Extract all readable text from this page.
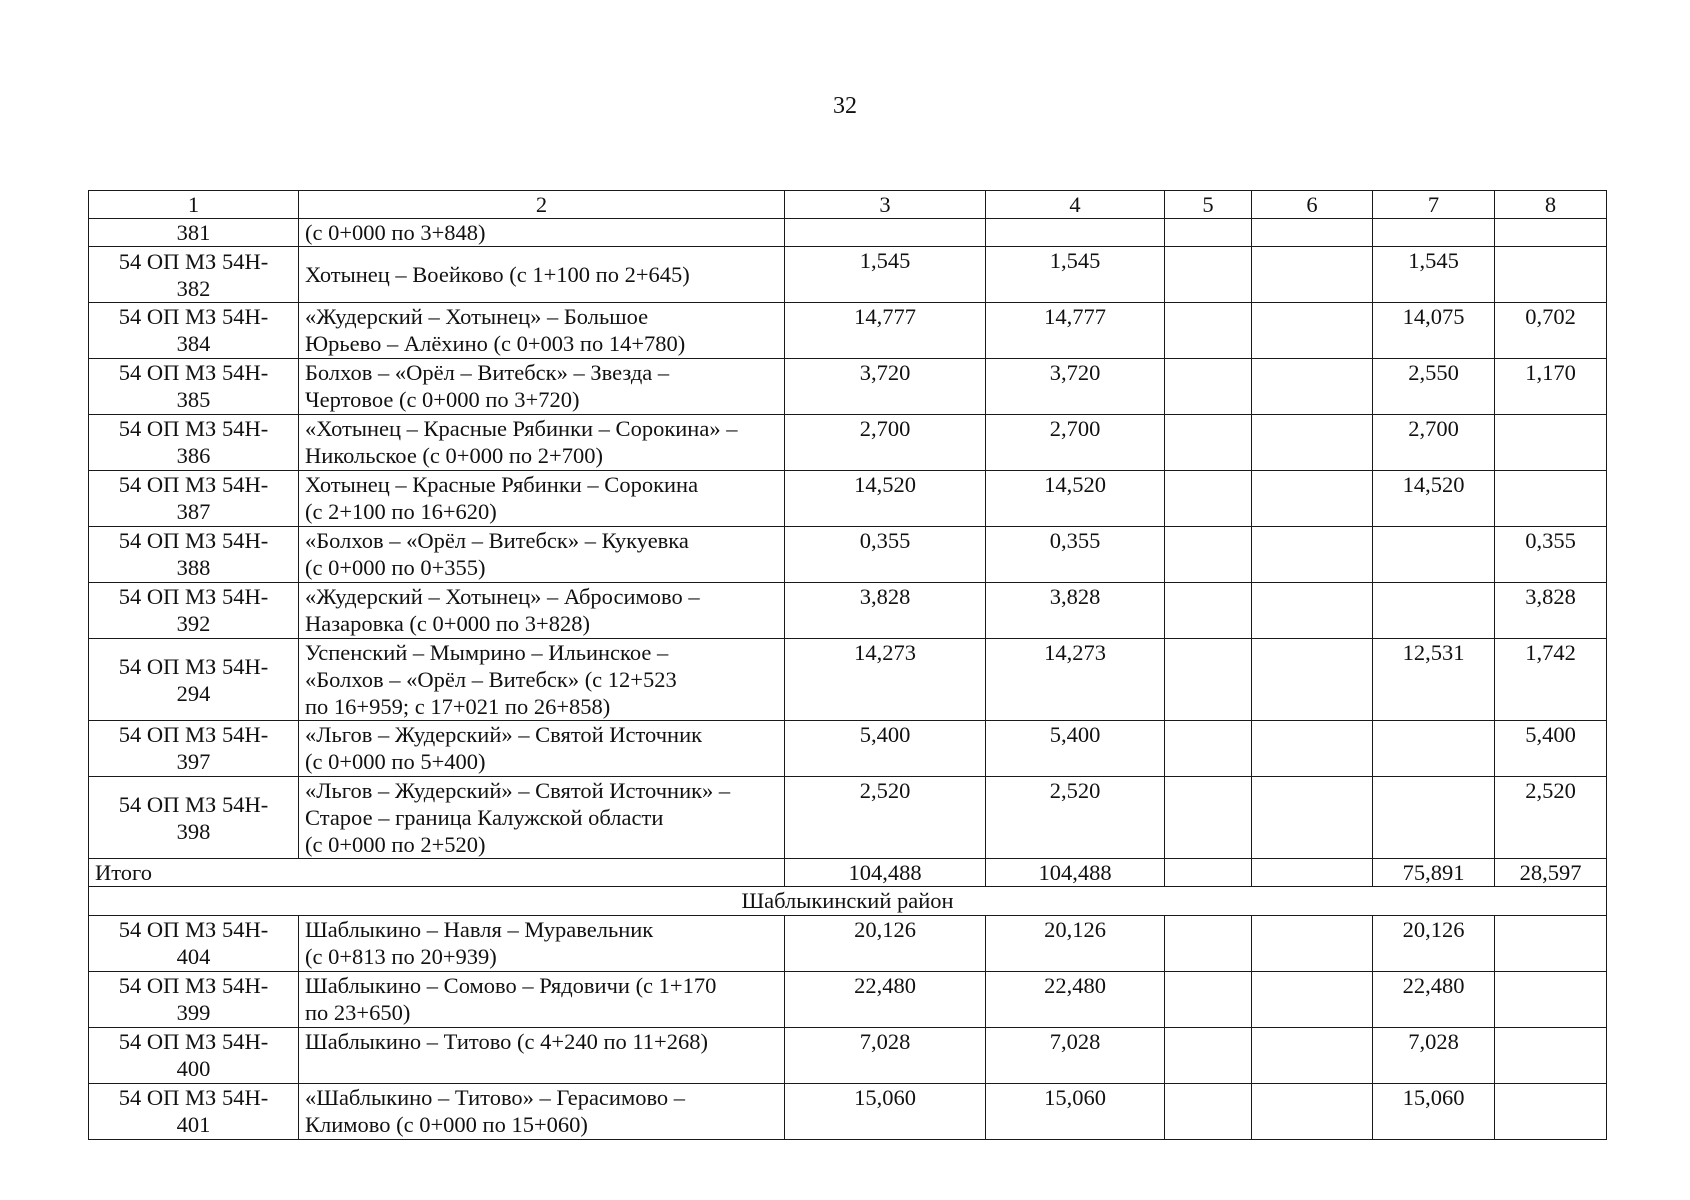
32
1	2	3	4	5	6	7	8

381	(с 0+000 по 3+848)						

54 ОП МЗ 54Н-
382	Хотынец – Воейково (с 1+100 по 2+645)	1,545	1,545			1,545	

54 ОП МЗ 54Н-
384	«Жудерский – Хотынец» – Большое
Юрьево – Алёхино (с 0+003 по 14+780)	14,777	14,777			14,075	0,702

54 ОП МЗ 54Н-
385	Болхов – «Орёл – Витебск» – Звезда –
Чертовое (с 0+000 по 3+720)	3,720	3,720			2,550	1,170

54 ОП МЗ 54Н-
386	«Хотынец – Красные Рябинки – Сорокина» –
Никольское (с 0+000 по 2+700)	2,700	2,700			2,700	

54 ОП МЗ 54Н-
387	Хотынец – Красные Рябинки – Сорокина
(с 2+100 по 16+620)	14,520	14,520			14,520	

54 ОП МЗ 54Н-
388	«Болхов – «Орёл – Витебск» – Кукуевка
(с 0+000 по 0+355)	0,355	0,355				0,355

54 ОП МЗ 54Н-
392	«Жудерский – Хотынец» – Абросимово –
Назаровка (с 0+000 по 3+828)	3,828	3,828				3,828

54 ОП МЗ 54Н-
294	Успенский – Мымрино – Ильинское –
«Болхов – «Орёл – Витебск» (с 12+523
по 16+959; с 17+021 по 26+858)	14,273	14,273			12,531	1,742

54 ОП МЗ 54Н-
397	«Льгов – Жудерский» – Святой Источник
(с 0+000 по 5+400)	5,400	5,400				5,400

54 ОП МЗ 54Н-
398	«Льгов – Жудерский» – Святой Источник» –
Старое – граница Калужской области
(с 0+000 по 2+520)	2,520	2,520				2,520
Итого		104,488	104,488			75,891	28,597
Шаблыкинский район							

54 ОП МЗ 54Н-
404	Шаблыкино – Навля – Муравельник
(с 0+813 по 20+939)	20,126	20,126			20,126	

54 ОП МЗ 54Н-
399	Шаблыкино – Сомово – Рядовичи (с 1+170
по 23+650)	22,480	22,480			22,480	

54 ОП МЗ 54Н-
400	Шаблыкино – Титово (с 4+240 по 11+268)	7,028	7,028			7,028	

54 ОП МЗ 54Н-
401	«Шаблыкино – Титово» – Герасимово –
Климово (с 0+000 по 15+060)	15,060	15,060			15,060	
